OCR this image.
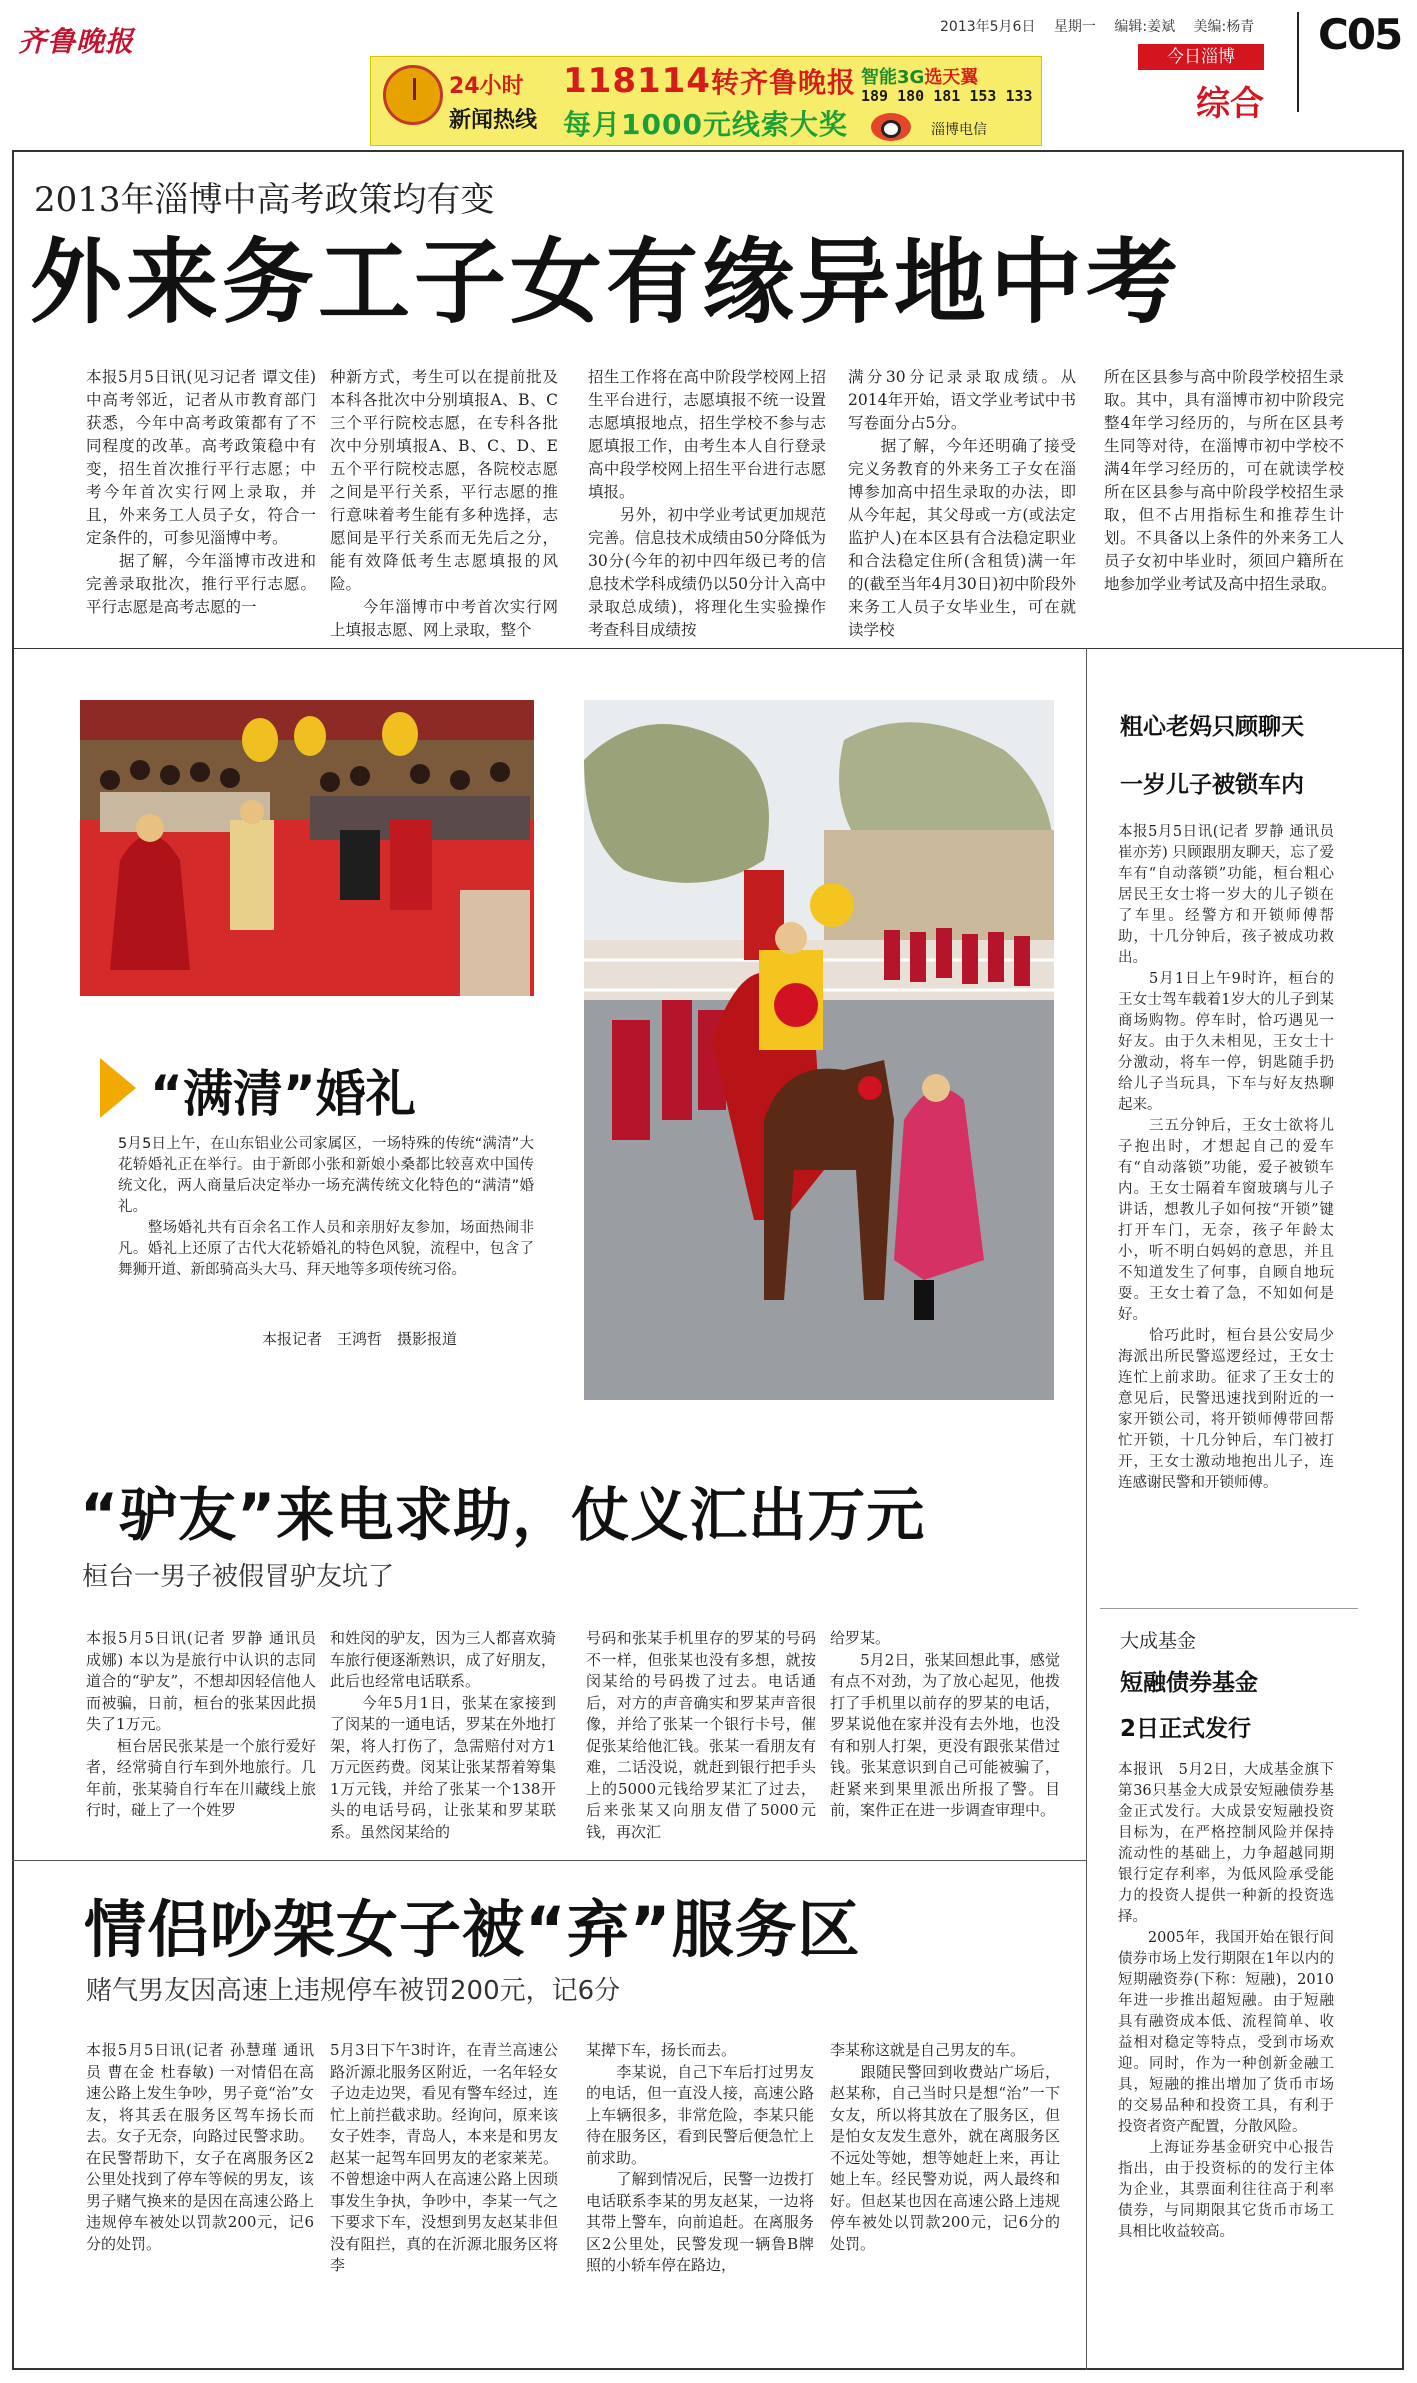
齐鲁晚报	2013年5月6日 星期一 编辑:姜斌 美编:杨青
今日淄博
综合
C05
24小时
新闻热线
118114转齐鲁晚报
每月1000元线索大奖
智能3G选天翼
189 180 181 153 133
淄博电信
2013年淄博中高考政策均有变
外来务工子女有缘异地中考
本报5月5日讯(见习记者 谭文佳) 中高考邻近，记者从市教育部门获悉，今年中高考政策都有了不同程度的改革。高考政策稳中有变，招生首次推行平行志愿；中考今年首次实行网上录取，并且，外来务工人员子女，符合一定条件的，可参见淄博中考。
　　据了解，今年淄博市改进和完善录取批次，推行平行志愿。平行志愿是高考志愿的一
种新方式，考生可以在提前批及本科各批次中分别填报A、B、C三个平行院校志愿，在专科各批次中分别填报A、B、C、D、E五个平行院校志愿，各院校志愿之间是平行关系，平行志愿的推行意味着考生能有多种选择，志愿间是平行关系而无先后之分，能有效降低考生志愿填报的风险。
　　今年淄博市中考首次实行网上填报志愿、网上录取，整个
招生工作将在高中阶段学校网上招生平台进行，志愿填报不统一设置志愿填报地点，招生学校不参与志愿填报工作，由考生本人自行登录高中段学校网上招生平台进行志愿填报。
　　另外，初中学业考试更加规范完善。信息技术成绩由50分降低为30分(今年的初中四年级已考的信息技术学科成绩仍以50分计入高中录取总成绩)，将理化生实验操作考查科目成绩按
满分30分记录录取成绩。从2014年开始，语文学业考试中书写卷面分占5分。
　　据了解，今年还明确了接受完义务教育的外来务工子女在淄博参加高中招生录取的办法，即从今年起，其父母或一方(或法定监护人)在本区县有合法稳定职业和合法稳定住所(含租赁)满一年的(截至当年4月30日)初中阶段外来务工人员子女毕业生，可在就读学校
所在区县参与高中阶段学校招生录取。其中，具有淄博市初中阶段完整4年学习经历的，与所在区县考生同等对待，在淄博市初中学校不满4年学习经历的，可在就读学校所在区县参与高中阶段学校招生录取，但不占用指标生和推荐生计划。不具备以上条件的外来务工人员子女初中毕业时，须回户籍所在地参加学业考试及高中招生录取。
“满清”婚礼
5月5日上午，在山东铝业公司家属区，一场特殊的传统“满清”大花轿婚礼正在举行。由于新郎小张和新娘小桑都比较喜欢中国传统文化，两人商量后决定举办一场充满传统文化特色的“满清”婚礼。
　　整场婚礼共有百余名工作人员和亲朋好友参加，场面热闹非凡。婚礼上还原了古代大花轿婚礼的特色风貌，流程中，包含了舞狮开道、新郎骑高头大马、拜天地等多项传统习俗。
本报记者　王鸿哲　摄影报道
粗心老妈只顾聊天
一岁儿子被锁车内
本报5月5日讯(记者 罗静 通讯员 崔亦芳) 只顾跟朋友聊天，忘了爱车有“自动落锁”功能，桓台粗心居民王女士将一岁大的儿子锁在了车里。经警方和开锁师傅帮助，十几分钟后，孩子被成功救出。
　　5月1日上午9时许，桓台的王女士驾车载着1岁大的儿子到某商场购物。停车时，恰巧遇见一好友。由于久未相见，王女士十分激动，将车一停，钥匙随手扔给儿子当玩具，下车与好友热聊起来。
　　三五分钟后，王女士欲将儿子抱出时，才想起自己的爱车有“自动落锁”功能，爱子被锁车内。王女士隔着车窗玻璃与儿子讲话，想教儿子如何按“开锁”键打开车门，无奈，孩子年龄太小，听不明白妈妈的意思，并且不知道发生了何事，自顾自地玩耍。王女士着了急，不知如何是好。
　　恰巧此时，桓台县公安局少海派出所民警巡逻经过，王女士连忙上前求助。征求了王女士的意见后，民警迅速找到附近的一家开锁公司，将开锁师傅带回帮忙开锁，十几分钟后，车门被打开，王女士激动地抱出儿子，连连感谢民警和开锁师傅。
大成基金
短融债券基金
2日正式发行
本报讯　5月2日，大成基金旗下第36只基金大成景安短融债券基金正式发行。大成景安短融投资目标为，在严格控制风险并保持流动性的基础上，力争超越同期银行定存利率，为低风险承受能力的投资人提供一种新的投资选择。
　　2005年，我国开始在银行间债券市场上发行期限在1年以内的短期融资券(下称：短融)，2010年进一步推出超短融。由于短融具有融资成本低、流程简单、收益相对稳定等特点，受到市场欢迎。同时，作为一种创新金融工具，短融的推出增加了货币市场的交易品种和投资工具，有利于投资者资产配置，分散风险。
　　上海证券基金研究中心报告指出，由于投资标的的发行主体为企业，其票面利往往高于利率债券，与同期限其它货币市场工具相比收益较高。
“驴友”来电求助，仗义汇出万元
桓台一男子被假冒驴友坑了
本报5月5日讯(记者 罗静 通讯员 成娜) 本以为是旅行中认识的志同道合的“驴友”，不想却因轻信他人而被骗，日前，桓台的张某因此损失了1万元。
　　桓台居民张某是一个旅行爱好者，经常骑自行车到外地旅行。几年前，张某骑自行车在川藏线上旅行时，碰上了一个姓罗
和姓闵的驴友，因为三人都喜欢骑车旅行便逐渐熟识，成了好朋友，此后也经常电话联系。
　　今年5月1日，张某在家接到了闵某的一通电话，罗某在外地打架，将人打伤了，急需赔付对方1万元医药费。闵某让张某帮着筹集1万元钱，并给了张某一个138开头的电话号码，让张某和罗某联系。虽然闵某给的
号码和张某手机里存的罗某的号码不一样，但张某也没有多想，就按闵某给的号码拨了过去。电话通后，对方的声音确实和罗某声音很像，并给了张某一个银行卡号，催促张某给他汇钱。张某一看朋友有难，二话没说，就赶到银行把手头上的5000元钱给罗某汇了过去，后来张某又向朋友借了5000元钱，再次汇
给罗某。
　　5月2日，张某回想此事，感觉有点不对劲，为了放心起见，他拨打了手机里以前存的罗某的电话，罗某说他在家并没有去外地，也没有和别人打架，更没有跟张某借过钱。张某意识到自己可能被骗了，赶紧来到果里派出所报了警。目前，案件正在进一步调查审理中。
情侣吵架女子被“弃”服务区
赌气男友因高速上违规停车被罚200元，记6分
本报5月5日讯(记者 孙慧瑾 通讯员 曹在金 杜春敏) 一对情侣在高速公路上发生争吵，男子竟“治”女友，将其丢在服务区驾车扬长而去。女子无奈，向路过民警求助。在民警帮助下，女子在离服务区2公里处找到了停车等候的男友，该男子赌气换来的是因在高速公路上违规停车被处以罚款200元，记6分的处罚。
5月3日下午3时许，在青兰高速公路沂源北服务区附近，一名年轻女子边走边哭，看见有警车经过，连忙上前拦截求助。经询问，原来该女子姓李，青岛人，本来是和男友赵某一起驾车回男友的老家莱芜。不曾想途中两人在高速公路上因琐事发生争执，争吵中，李某一气之下要求下车，没想到男友赵某非但没有阻拦，真的在沂源北服务区将李
某撵下车，扬长而去。
　　李某说，自己下车后打过男友的电话，但一直没人接，高速公路上车辆很多，非常危险，李某只能待在服务区，看到民警后便急忙上前求助。
　　了解到情况后，民警一边拨打电话联系李某的男友赵某，一边将其带上警车，向前追赶。在离服务区2公里处，民警发现一辆鲁B牌照的小轿车停在路边，
李某称这就是自己男友的车。
　　跟随民警回到收费站广场后，赵某称，自己当时只是想“治”一下女友，所以将其放在了服务区，但是怕女友发生意外，就在离服务区不远处等她，想等她赶上来，再让她上车。经民警劝说，两人最终和好。但赵某也因在高速公路上违规停车被处以罚款200元，记6分的处罚。
